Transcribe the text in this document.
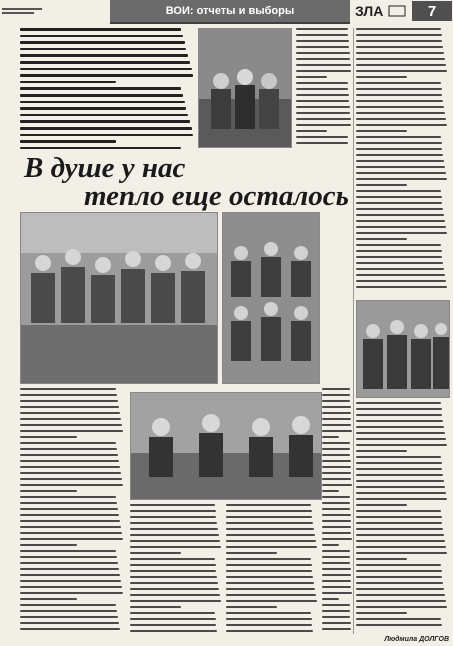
ВОИ: отчеты и выборы	ЗЛА	7
В душе у нас
тепло еще осталось
Людмила ДОЛГОВ
